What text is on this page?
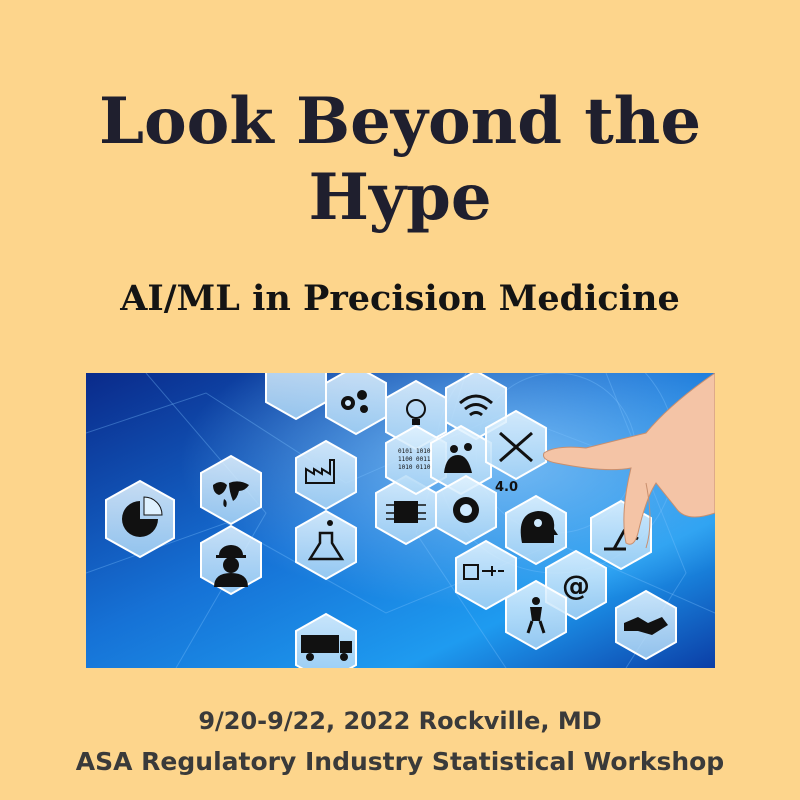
Look Beyond the
Hype
AI/ML in Precision Medicine
0101 1010
1100 0011
1010 0110
@
4.0
9/20-9/22, 2022 Rockville, MD
ASA Regulatory Industry Statistical Workshop
